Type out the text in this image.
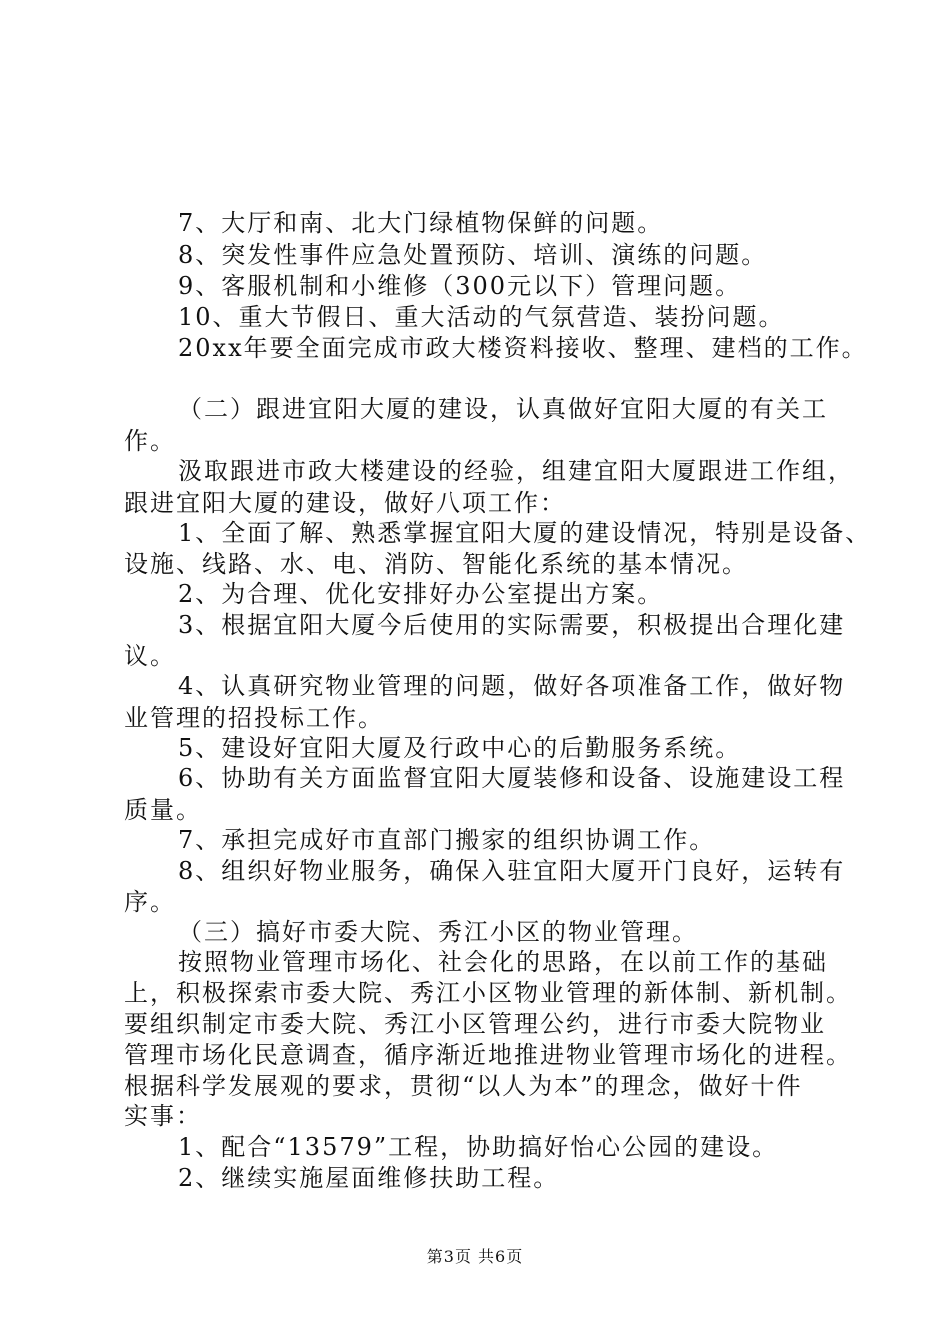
7、大厅和南、北大门绿植物保鲜的问题。
8、突发性事件应急处置预防、培训、演练的问题。
9、客服机制和小维修（300元以下）管理问题。
10、重大节假日、重大活动的气氛营造、装扮问题。
20xx年要全面完成市政大楼资料接收、整理、建档的工作。
（二）跟进宜阳大厦的建设，认真做好宜阳大厦的有关工
作。
汲取跟进市政大楼建设的经验，组建宜阳大厦跟进工作组，
跟进宜阳大厦的建设，做好八项工作：
1、全面了解、熟悉掌握宜阳大厦的建设情况，特别是设备、
设施、线路、水、电、消防、智能化系统的基本情况。
2、为合理、优化安排好办公室提出方案。
3、根据宜阳大厦今后使用的实际需要，积极提出合理化建
议。
4、认真研究物业管理的问题，做好各项准备工作，做好物
业管理的招投标工作。
5、建设好宜阳大厦及行政中心的后勤服务系统。
6、协助有关方面监督宜阳大厦装修和设备、设施建设工程
质量。
7、承担完成好市直部门搬家的组织协调工作。
8、组织好物业服务，确保入驻宜阳大厦开门良好，运转有
序。
（三）搞好市委大院、秀江小区的物业管理。
按照物业管理市场化、社会化的思路，在以前工作的基础
上，积极探索市委大院、秀江小区物业管理的新体制、新机制。
要组织制定市委大院、秀江小区管理公约，进行市委大院物业
管理市场化民意调查，循序渐近地推进物业管理市场化的进程。
根据科学发展观的要求，贯彻“以人为本”的理念，做好十件
实事：
1、配合“13579”工程，协助搞好怡心公园的建设。
2、继续实施屋面维修扶助工程。
第3页 共6页
